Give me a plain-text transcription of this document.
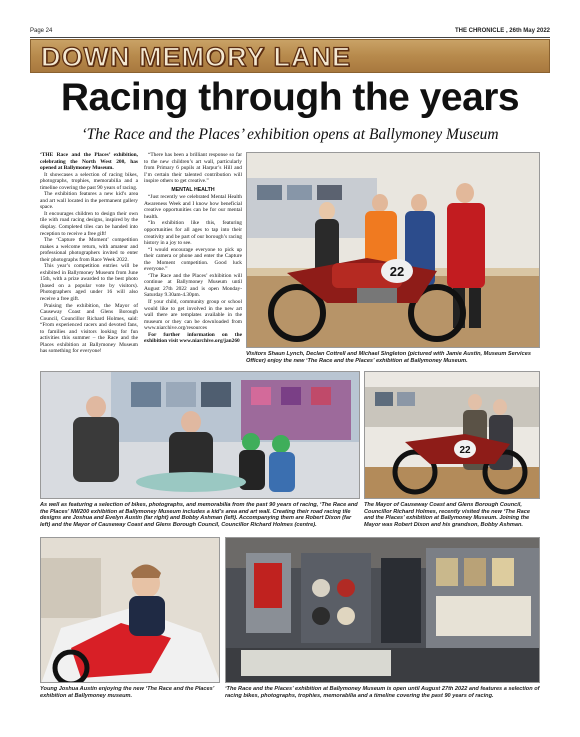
Page 24	THE CHRONICLE , 26th May 2022
DOWN MEMORY LANE
Racing through the years
‘The Race and the Places’ exhibition opens at Ballymoney Museum

‘THE Race and the Places’ exhibition, celebrating the North West 200, has opened at Ballymoney Museum.

It showcases a selection of racing bikes, photographs, trophies, memorabilia and a timeline covering the past 90 years of racing.

The exhibition features a new kid’s area and art wall located in the permanent gallery space.

It encourages children to design their own tile with road racing designs, inspired by the display. Completed tiles can be handed into reception to receive a free gift!

The ‘Capture the Moment’ competition makes a welcome return, with amateur and professional photographers invited to enter their photographs from Race Week 2022.

This year’s competition entries will be exhibited in Ballymoney Museum from June 15th, with a prize awarded to the best photo (based on a popular vote by visitors). Photographers aged under 16 will also receive a free gift.

Praising the exhibition, the Mayor of Causeway Coast and Glens Borough Council, Councillor Richard Holmes, said: “From experienced racers and devoted fans, to families and visitors looking for fun activities this summer – the Race and the Places exhibition at Ballymoney Museum has something for everyone!

“There has been a brilliant response so far to the new children’s art wall, particularly from Primary 6 pupils at Harpur’s Hill and I’m certain their talented contribution will inspire others to get creative.”

MENTAL HEALTH

“Just recently we celebrated Mental Health Awareness Week and I know how beneficial creative opportunities can be for our mental health.

“In exhibition like this, featuring opportunities for all ages to tap into their creativity and be part of our borough’s racing history in a joy to see.

“I would encourage everyone to pick up their camera or phone and enter the Capture the Moment competition. Good luck everyone.”

‘The Race and the Places’ exhibition will continue at Ballymoney Museum until August 27th 2022 and is open Monday-Saturday 9.30am-4.30pm.

If your child, community group or school would like to get involved in the new art wall there are templates available in the museum or they can be downloaded from www.niarchive.org/resources

For further information on the exhibition visit www.niarchive.org/jan260

22
Visitors Shaun Lynch, Declan Cottrell and Michael Singleton (pictured with Jamie Austin, Museum Services Officer) enjoy the new ‘The Race and the Places’ exhibition at Ballymoney Museum.
As well as featuring a selection of bikes, photographs, and memorabilia from the past 90 years of racing, ‘The Race and the Places’ NW200 exhibition at Ballymoney Museum includes a kid’s area and art wall. Creating their road racing tile designs are Joshua and Evelyn Austin (far right) and Bobby Ashman (left). Accompanying them are Robert Dixon (far left) and the Mayor of Causeway Coast and Glens Borough Council, Councillor Richard Holmes (centre).
22
The Mayor of Causeway Coast and Glens Borough Council, Councillor Richard Holmes, recently visited the new ‘The Race and the Places’ exhibition at Ballymoney Museum. Joining the Mayor was Robert Dixon and his grandson, Bobby Ashman.
Young Joshua Austin enjoying the new ‘The Race and the Places’ exhibition at Ballymoney museum.
‘The Race and the Places’ exhibition at Ballymoney Museum is open until August 27th 2022 and features a selection of racing bikes, photographs, trophies, memorabilia and a timeline covering the past 90 years of racing.
